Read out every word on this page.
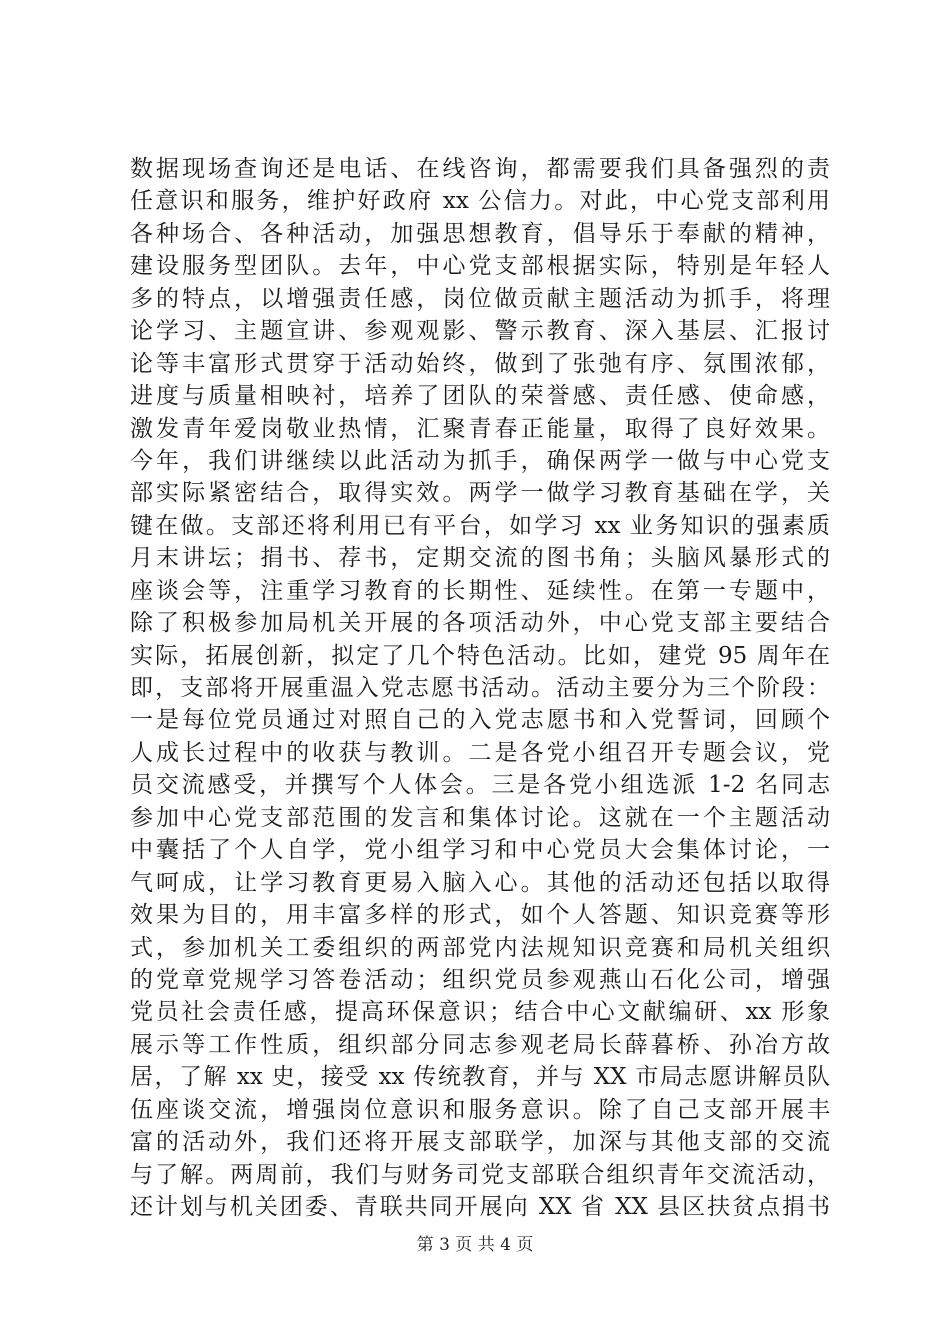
数据现场查询还是电话、在线咨询，都需要我们具备强烈的责
任意识和服务，维护好政府 xx 公信力。对此，中心党支部利用
各种场合、各种活动，加强思想教育，倡导乐于奉献的精神，
建设服务型团队。去年，中心党支部根据实际，特别是年轻人
多的特点，以增强责任感，岗位做贡献主题活动为抓手，将理
论学习、主题宣讲、参观观影、警示教育、深入基层、汇报讨
论等丰富形式贯穿于活动始终，做到了张弛有序、氛围浓郁，
进度与质量相映衬，培养了团队的荣誉感、责任感、使命感，
激发青年爱岗敬业热情，汇聚青春正能量，取得了良好效果。
今年，我们讲继续以此活动为抓手，确保两学一做与中心党支
部实际紧密结合，取得实效。两学一做学习教育基础在学，关
键在做。支部还将利用已有平台，如学习 xx 业务知识的强素质
月末讲坛；捐书、荐书，定期交流的图书角；头脑风暴形式的
座谈会等，注重学习教育的长期性、延续性。在第一专题中，
除了积极参加局机关开展的各项活动外，中心党支部主要结合
实际，拓展创新，拟定了几个特色活动。比如，建党 95 周年在
即，支部将开展重温入党志愿书活动。活动主要分为三个阶段：
一是每位党员通过对照自己的入党志愿书和入党誓词，回顾个
人成长过程中的收获与教训。二是各党小组召开专题会议，党
员交流感受，并撰写个人体会。三是各党小组选派 1-2 名同志
参加中心党支部范围的发言和集体讨论。这就在一个主题活动
中囊括了个人自学，党小组学习和中心党员大会集体讨论，一
气呵成，让学习教育更易入脑入心。其他的活动还包括以取得
效果为目的，用丰富多样的形式，如个人答题、知识竞赛等形
式，参加机关工委组织的两部党内法规知识竞赛和局机关组织
的党章党规学习答卷活动；组织党员参观燕山石化公司，增强
党员社会责任感，提高环保意识；结合中心文献编研、xx 形象
展示等工作性质，组织部分同志参观老局长薛暮桥、孙冶方故
居，了解 xx 史，接受 xx 传统教育，并与 XX 市局志愿讲解员队
伍座谈交流，增强岗位意识和服务意识。除了自己支部开展丰
富的活动外，我们还将开展支部联学，加深与其他支部的交流
与了解。两周前，我们与财务司党支部联合组织青年交流活动，
还计划与机关团委、青联共同开展向 XX 省 XX 县区扶贫点捐书
第 3 页 共 4 页
